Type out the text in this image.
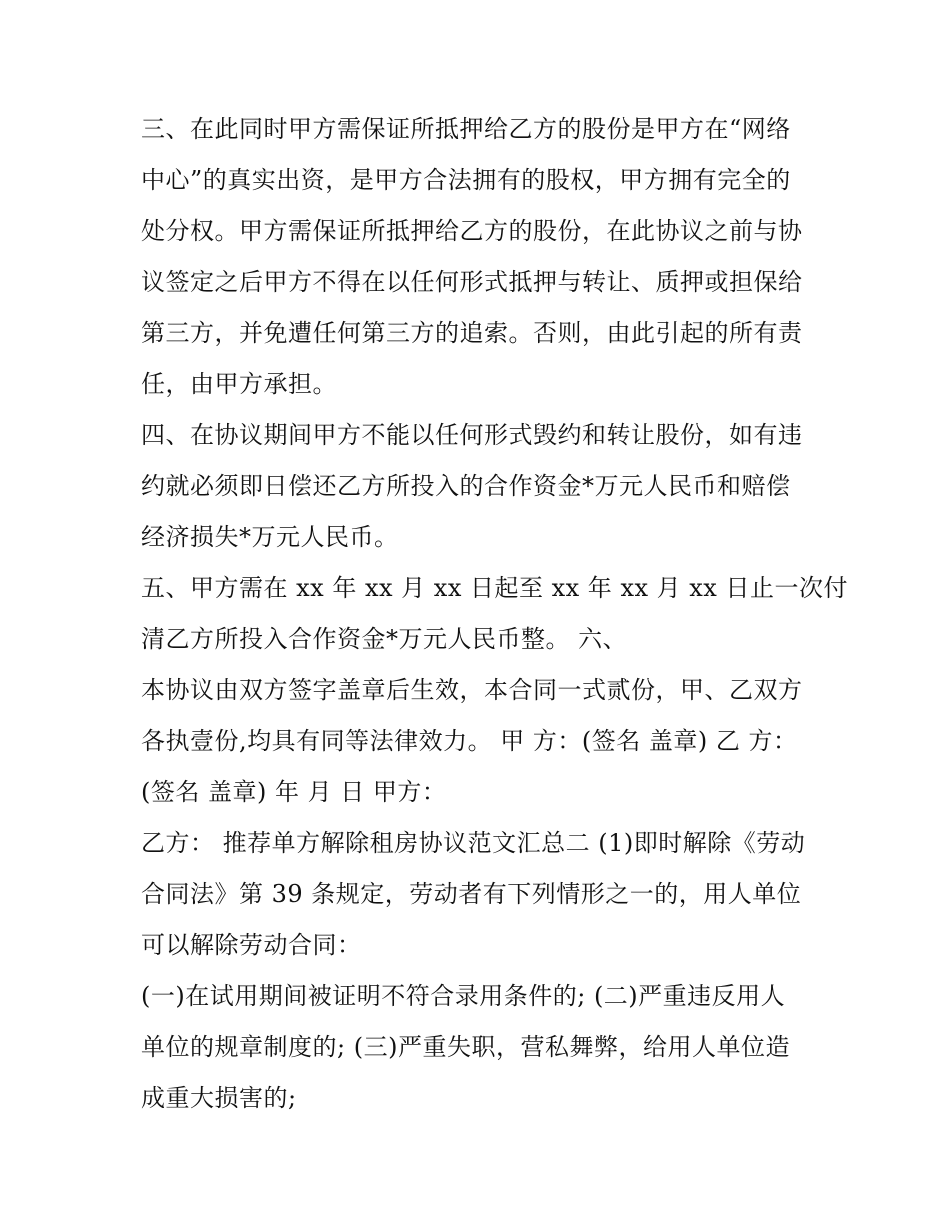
三、在此同时甲方需保证所抵押给乙方的股份是甲方在“网络
中心”的真实出资，是甲方合法拥有的股权，甲方拥有完全的
处分权。甲方需保证所抵押给乙方的股份，在此协议之前与协
议签定之后甲方不得在以任何形式抵押与转让、质押或担保给
第三方，并免遭任何第三方的追索。否则，由此引起的所有责
任，由甲方承担。
四、在协议期间甲方不能以任何形式毁约和转让股份，如有违
约就必须即日偿还乙方所投入的合作资金*万元人民币和赔偿
经济损失*万元人民币。
五、甲方需在 xx 年 xx 月 xx 日起至 xx 年 xx 月 xx 日止一次付
清乙方所投入合作资金*万元人民币整。 六、
本协议由双方签字盖章后生效，本合同一式贰份，甲、乙双方
各执壹份,均具有同等法律效力。 甲 方：(签名 盖章) 乙 方：
(签名 盖章) 年 月 日 甲方：
乙方： 推荐单方解除租房协议范文汇总二 (1)即时解除《劳动
合同法》第 39 条规定，劳动者有下列情形之一的，用人单位
可以解除劳动合同：
(一)在试用期间被证明不符合录用条件的; (二)严重违反用人
单位的规章制度的; (三)严重失职，营私舞弊，给用人单位造
成重大损害的;
